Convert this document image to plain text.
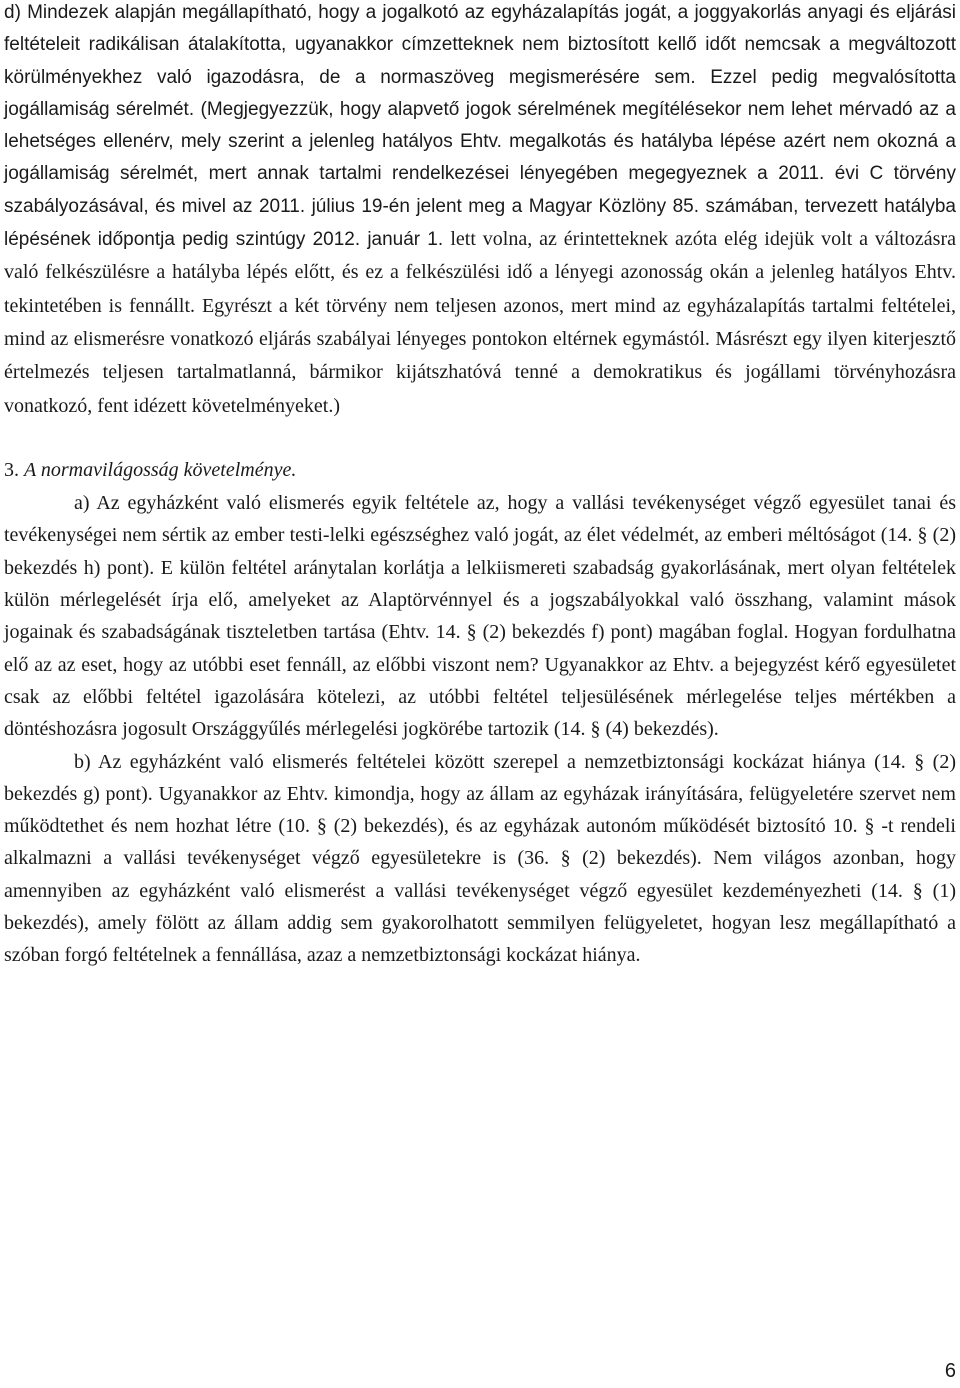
d) Mindezek alapján megállapítható, hogy a jogalkotó az egyházalapítás jogát, a joggyakorlás anyagi és eljárási feltételeit radikálisan átalakította, ugyanakkor címzetteknek nem biztosított kellő időt nemcsak a megváltozott körülményekhez való igazodásra, de a normaszöveg megismerésére sem. Ezzel pedig megvalósította jogállamiság sérelmét. (Megjegyezzük, hogy alapvető jogok sérelmének megítélésekor nem lehet mérvadó az a lehetséges ellenérv, mely szerint a jelenleg hatályos Ehtv. megalkotás és hatályba lépése azért nem okozná a jogállamiság sérelmét, mert annak tartalmi rendelkezései lényegében megegyeznek a 2011. évi C törvény szabályozásával, és mivel az 2011. július 19-én jelent meg a Magyar Közlöny 85. számában, tervezett hatályba lépésének időpontja pedig szintúgy 2012. január 1. lett volna, az érintetteknek azóta elég idejük volt a változásra való felkészülésre a hatályba lépés előtt, és ez a felkészülési idő a lényegi azonosság okán a jelenleg hatályos Ehtv. tekintetében is fennállt. Egyrészt a két törvény nem teljesen azonos, mert mind az egyházalapítás tartalmi feltételei, mind az elismerésre vonatkozó eljárás szabályai lényeges pontokon eltérnek egymástól. Másrészt egy ilyen kiterjesztő értelmezés teljesen tartalmatlanná, bármikor kijátszhatóvá tenné a demokratikus és jogállami törvényhozásra vonatkozó, fent idézett követelményeket.)

3. A normavilágosság követelménye.

a) Az egyházként való elismerés egyik feltétele az, hogy a vallási tevékenységet végző egyesület tanai és tevékenységei nem sértik az ember testi-lelki egészséghez való jogát, az élet védelmét, az emberi méltóságot (14. § (2) bekezdés h) pont). E külön feltétel aránytalan korlátja a lelkiismereti szabadság gyakorlásának, mert olyan feltételek külön mérlegelését írja elő, amelyeket az Alaptörvénnyel és a jogszabályokkal való összhang, valamint mások jogainak és szabadságának tiszteletben tartása (Ehtv. 14. § (2) bekezdés f) pont) magában foglal. Hogyan fordulhatna elő az az eset, hogy az utóbbi eset fennáll, az előbbi viszont nem? Ugyanakkor az Ehtv. a bejegyzést kérő egyesületet csak az előbbi feltétel igazolására kötelezi, az utóbbi feltétel teljesülésének mérlegelése teljes mértékben a döntéshozásra jogosult Országgyűlés mérlegelési jogkörébe tartozik (14. § (4) bekezdés).

b) Az egyházként való elismerés feltételei között szerepel a nemzetbiztonsági kockázat hiánya (14. § (2) bekezdés g) pont). Ugyanakkor az Ehtv. kimondja, hogy az állam az egyházak irányítására, felügyeletére szervet nem működtethet és nem hozhat létre (10. § (2) bekezdés), és az egyházak autonóm működését biztosító 10. § -t rendeli alkalmazni a vallási tevékenységet végző egyesületekre is (36. § (2) bekezdés). Nem világos azonban, hogy amennyiben az egyházként való elismerést a vallási tevékenységet végző egyesület kezdeményezheti (14. § (1) bekezdés), amely fölött az állam addig sem gyakorolhatott semmilyen felügyeletet, hogyan lesz megállapítható a szóban forgó feltételnek a fennállása, azaz a nemzetbiztonsági kockázat hiánya.

6
